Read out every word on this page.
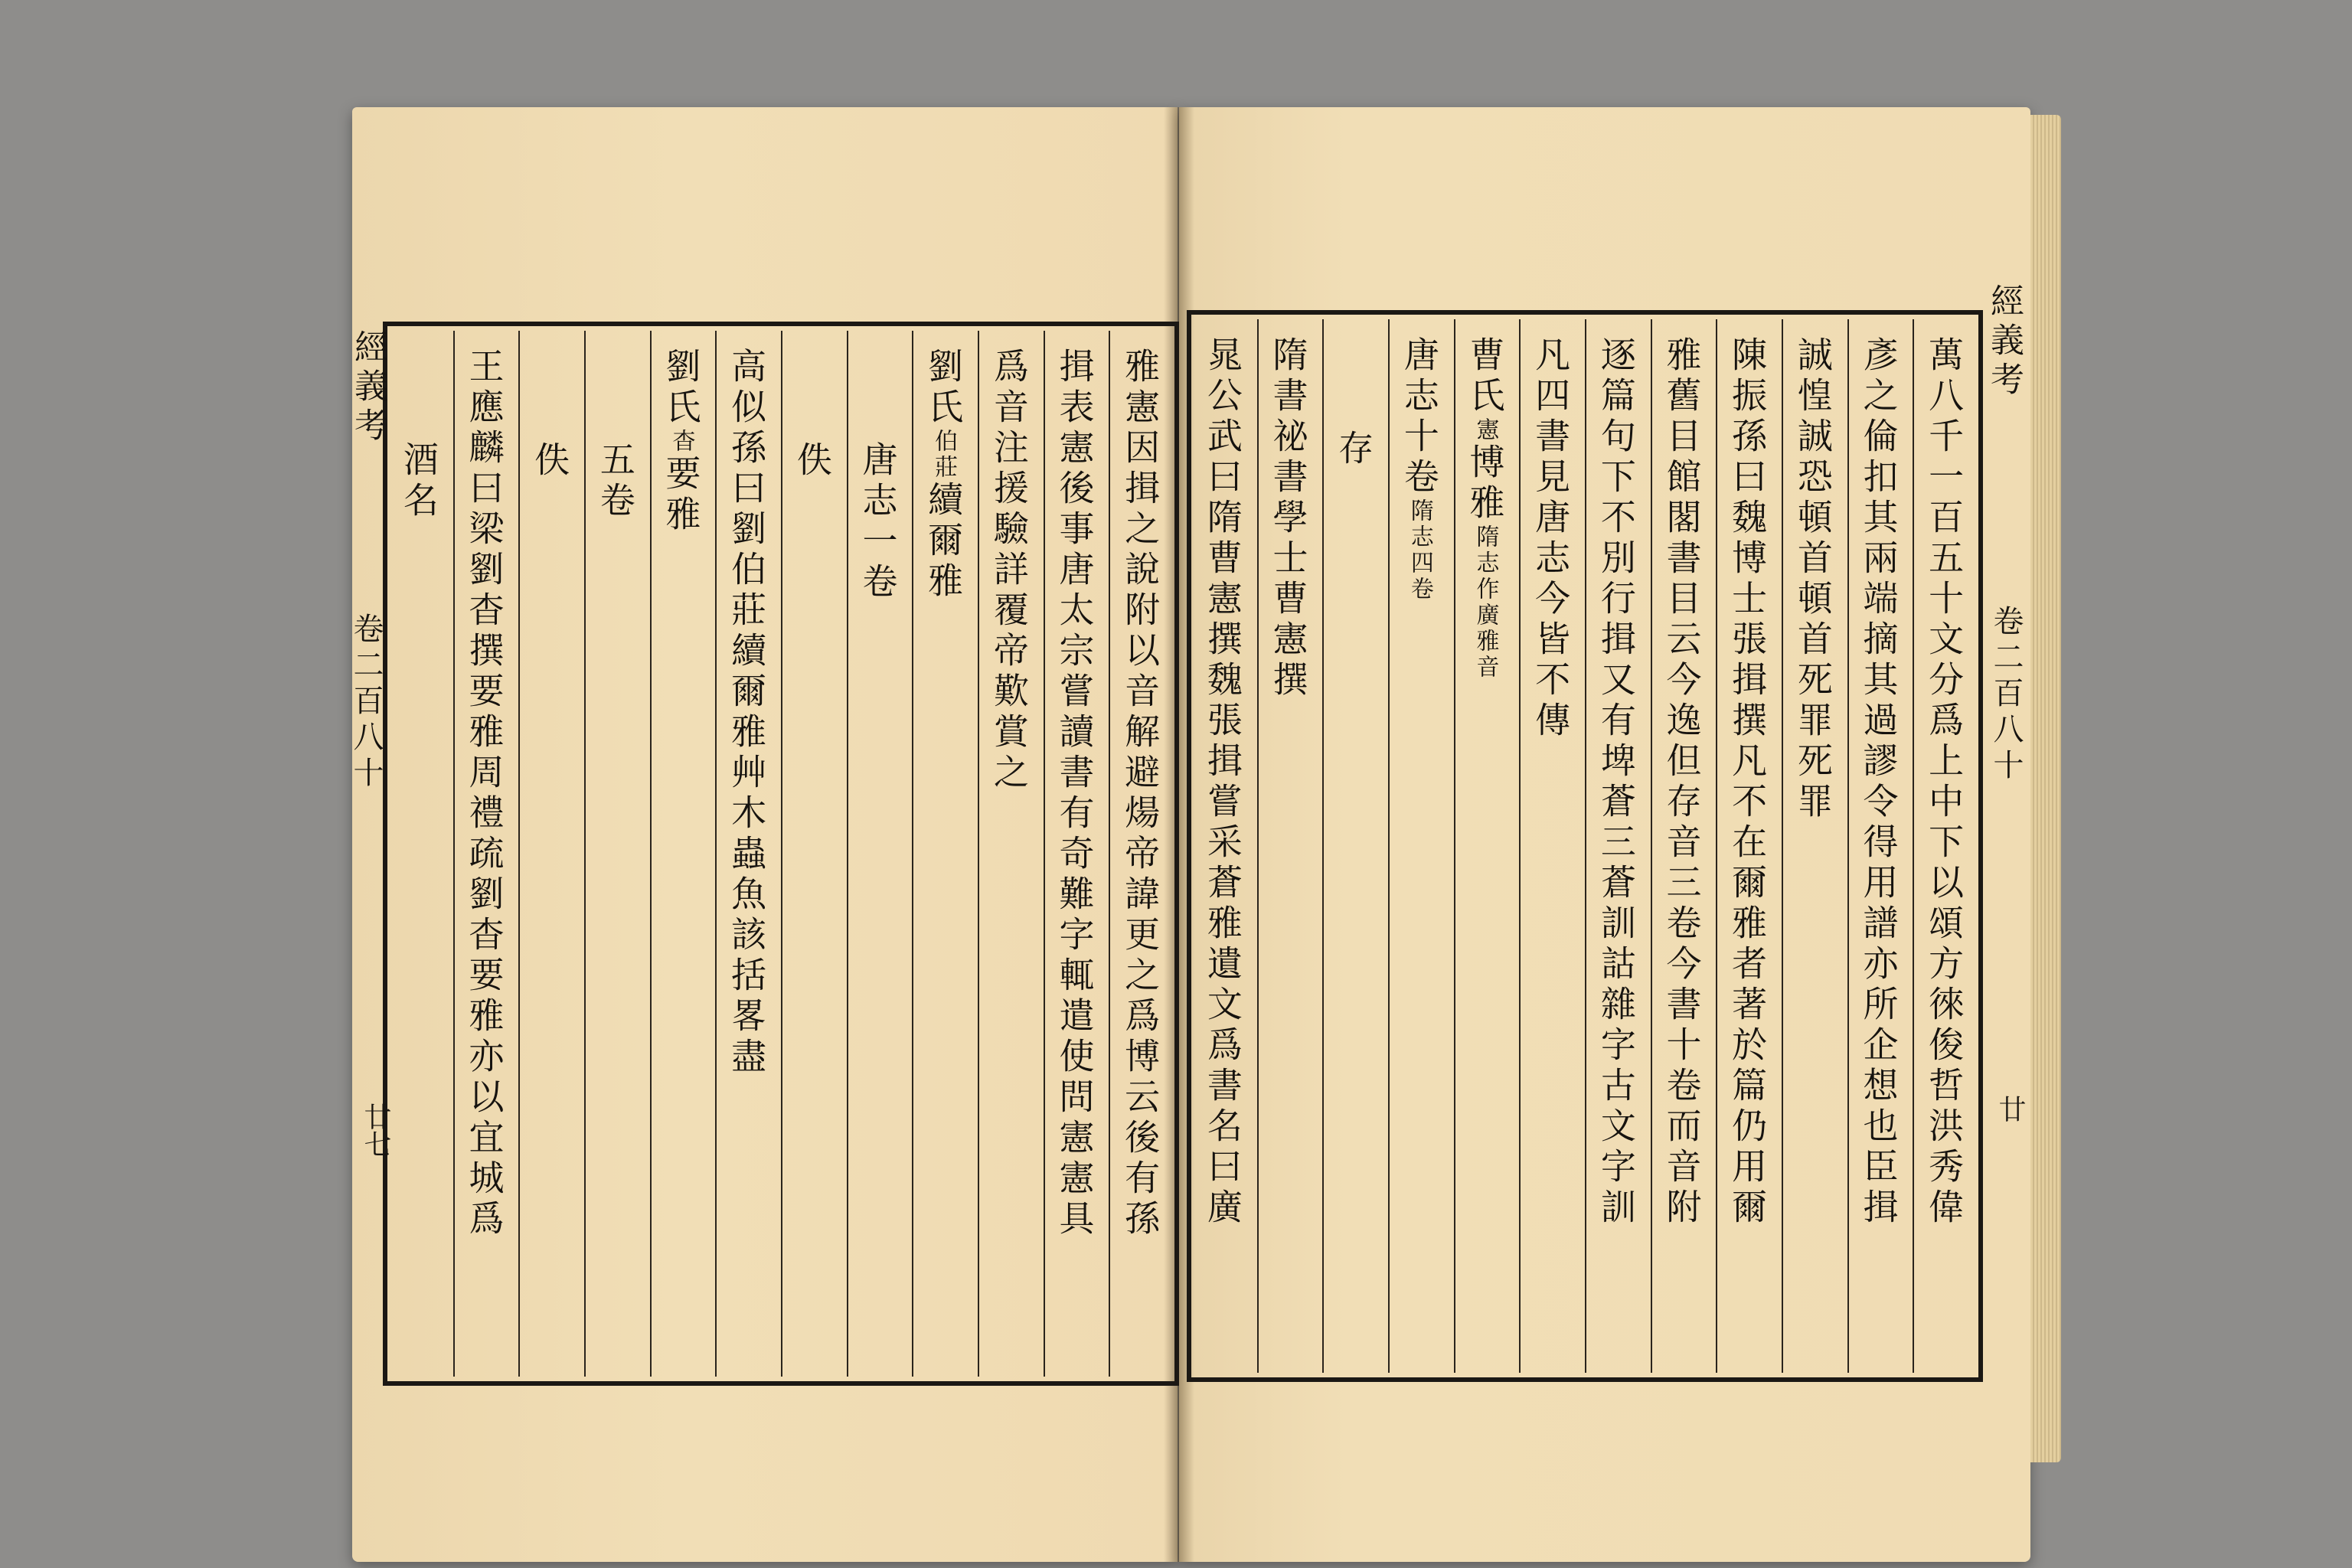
經義考
卷二百八十
廿七
經義考
卷二百八十
廿
雅憲因揖之說附以音解避煬帝諱更之爲博云後有孫
揖表憲後事唐太宗嘗讀書有奇難字輒遣使問憲憲具
爲音注援驗詳覆帝歎賞之
劉氏伯莊續爾雅
唐志一卷
佚
高似孫曰劉伯莊續爾雅艸木蟲魚該括畧盡
劉氏杳要雅
五卷
佚
王應麟曰梁劉杳撰要雅周禮疏劉杳要雅亦以宜城爲
酒名	萬八千一百五十文分爲上中下以頌方徠俊哲洪秀偉
彥之倫扣其兩端摘其過謬令得用譜亦所企想也臣揖
誠惶誠恐頓首頓首死罪死罪
陳振孫曰魏博士張揖撰凡不在爾雅者著於篇仍用爾
雅舊目館閣書目云今逸但存音三卷今書十卷而音附
逐篇句下不別行揖又有埤蒼三蒼訓詁雜字古文字訓
凡四書見唐志今皆不傳
曹氏憲博雅隋志作廣雅音
唐志十卷隋志四卷
存
隋書祕書學士曹憲撰
晁公武曰隋曹憲撰魏張揖嘗采蒼雅遺文爲書名曰廣
